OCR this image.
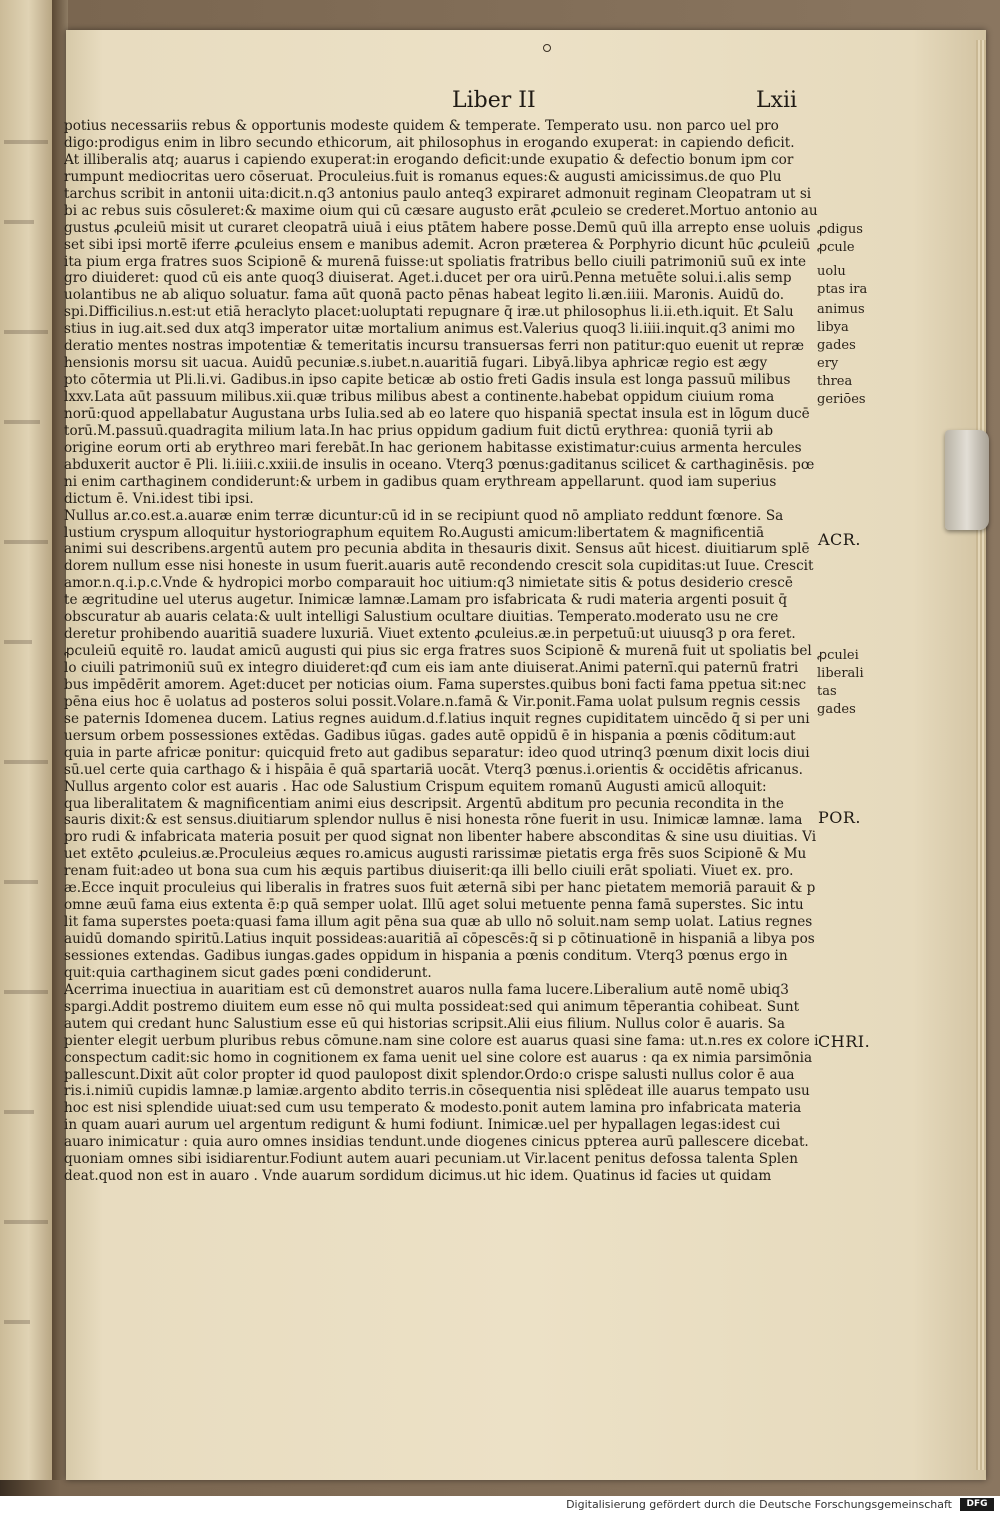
Liber II	Lxii
potius necessariis rebus & opportunis modeste quidem & temperate. Temperato usu. non parco uel pro
digo:prodigus enim in libro secundo ethicorum, ait philosophus in erogando exuperat: in capiendo deficit.
At illiberalis atq; auarus i capiendo exuperat:in erogando deficit:unde exupatio & defectio bonum ipm cor
rumpunt mediocritas uero cōseruat. Proculeius.fuit is romanus eques:& augusti amicissimus.de quo Plu
tarchus scribit in antonii uita:dicit.n.q3 antonius paulo anteq3 expiraret admonuit reginam Cleopatram ut si
bi ac rebus suis cōsuleret:& maxime oium qui cū cæsare augusto erāt ꝓculeio se crederet.Mortuo antonio au
gustus ꝓculeiū misit ut curaret cleopatrā uiuā i eius ptātem habere posse.Demū quū illa arrepto ense uoluis
set sibi ipsi mortē iferre ꝓculeius ensem e manibus ademit. Acron præterea & Porphyrio dicunt hūc ꝓculeiū
ita pium erga fratres suos Scipionē & murenā fuisse:ut spoliatis fratribus bello ciuili patrimoniū suū ex inte
gro diuideret: quod cū eis ante quoq3 diuiserat. Aget.i.ducet per ora uirū.Penna metuēte solui.i.alis semp
uolantibus ne ab aliquo soluatur. fama aūt quonā pacto pēnas habeat legito li.æn.iiii. Maronis. Auidū do.
spi.Difficilius.n.est:ut etiā heraclyto placet:uoluptati repugnare q̄ iræ.ut philosophus li.ii.eth.iquit. Et Salu
stius in iug.ait.sed dux atq3 imperator uitæ mortalium animus est.Valerius quoq3 li.iiii.inquit.q3 animi mo
deratio mentes nostras impotentiæ & temeritatis incursu transuersas ferri non patitur:quo euenit ut repræ
hensionis morsu sit uacua. Auidū pecuniæ.s.iubet.n.auaritiā fugari. Libyā.libya aphricæ regio est ægy
pto cōtermia ut Pli.li.vi. Gadibus.in ipso capite beticæ ab ostio freti Gadis insula est longa passuū milibus
lxxv.Lata aūt passuum milibus.xii.quæ tribus milibus abest a continente.habebat oppidum ciuium roma
norū:quod appellabatur Augustana urbs Iulia.sed ab eo latere quo hispaniā spectat insula est in lōgum ducē
torū.M.passuū.quadragita milium lata.In hac prius oppidum gadium fuit dictū erythrea: quoniā tyrii ab
origine eorum orti ab erythreo mari ferebāt.In hac gerionem habitasse existimatur:cuius armenta hercules
abduxerit auctor ē Pli. li.iiii.c.xxiii.de insulis in oceano. Vterq3 pœnus:gaditanus scilicet & carthaginēsis. pœ
ni enim carthaginem condiderunt:& urbem in gadibus quam erythream appellarunt. quod iam superius
dictum ē. Vni.idest tibi ipsi.
Nullus ar.co.est.a.auaræ enim terræ dicuntur:cū id in se recipiunt quod nō ampliato reddunt fœnore. Sa
lustium cryspum alloquitur hystoriographum equitem Ro.Augusti amicum:libertatem & magnificentiā
animi sui describens.argentū autem pro pecunia abdita in thesauris dixit. Sensus aūt hicest. diuitiarum splē
dorem nullum esse nisi honeste in usum fuerit.auaris autē recondendo crescit sola cupiditas:ut Iuue. Crescit
amor.n.q.i.p.c.Vnde & hydropici morbo comparauit hoc uitium:q3 nimietate sitis & potus desiderio crescē
te ægritudine uel uterus augetur. Inimicæ lamnæ.Lamam pro isfabricata & rudi materia argenti posuit q̄
obscuratur ab auaris celata:& uult intelligi Salustium ocultare diuitias. Temperato.moderato usu ne cre
deretur prohibendo auaritiā suadere luxuriā. Viuet extento ꝓculeius.æ.in perpetuū:ut uiuusq3 p ora feret.
ꝓculeiū equitē ro. laudat amicū augusti qui pius sic erga fratres suos Scipionē & murenā fuit ut spoliatis bel
lo ciuili patrimoniū suū ex integro diuideret:qđ cum eis iam ante diuiserat.Animi paternī.qui paternū fratri
bus impēdērit amorem. Aget:ducet per noticias oium. Fama superstes.quibus boni facti fama ppetua sit:nec
pēna eius hoc ē uolatus ad posteros solui possit.Volare.n.famā & Vir.ponit.Fama uolat pulsum regnis cessis
se paternis Idomenea ducem. Latius regnes auidum.d.f.latius inquit regnes cupiditatem uincēdo q̄ si per uni
uersum orbem possessiones extēdas. Gadibus iūgas. gades autē oppidū ē in hispania a pœnis cōditum:aut
quia in parte africæ ponitur: quicquid freto aut gadibus separatur: ideo quod utrinq3 pœnum dixit locis diui
sū.uel certe quia carthago & i hispāia ē quā spartariā uocāt. Vterq3 pœnus.i.orientis & occidētis africanus.
Nullus argento color est auaris . Hac ode Salustium Crispum equitem romanū Augusti amicū alloquit:
qua liberalitatem & magnificentiam animi eius descripsit. Argentū abditum pro pecunia recondita in the
sauris dixit:& est sensus.diuitiarum splendor nullus ē nisi honesta rōne fuerit in usu. Inimicæ lamnæ. lama
pro rudi & infabricata materia posuit per quod signat non libenter habere absconditas & sine usu diuitias. Vi
uet extēto ꝓculeius.æ.Proculeius æques ro.amicus augusti rarissimæ pietatis erga frēs suos Scipionē & Mu
renam fuit:adeo ut bona sua cum his æquis partibus diuiserit:qa illi bello ciuili erāt spoliati. Viuet ex. pro.
æ.Ecce inquit proculeius qui liberalis in fratres suos fuit æternā sibi per hanc pietatem memoriā parauit & p
omne æuū fama eius extenta ē:p quā semper uolat. Illū aget solui metuente penna famā superstes. Sic intu
lit fama superstes poeta:quasi fama illum agit pēna sua quæ ab ullo nō soluit.nam semp uolat. Latius regnes
auidū domando spiritū.Latius inquit possideas:auaritiā aī cōpescēs:q̄ si p cōtinuationē in hispaniā a libya pos
sessiones extendas. Gadibus iungas.gades oppidum in hispania a pœnis conditum. Vterq3 pœnus ergo in
quit:quia carthaginem sicut gades pœni condiderunt.
Acerrima inuectiua in auaritiam est cū demonstret auaros nulla fama lucere.Liberalium autē nomē ubiq3
spargi.Addit postremo diuitem eum esse nō qui multa possideat:sed qui animum tēperantia cohibeat. Sunt
autem qui credant hunc Salustium esse eū qui historias scripsit.Alii eius filium. Nullus color ē auaris. Sa
pienter elegit uerbum pluribus rebus cōmune.nam sine colore est auarus quasi sine fama: ut.n.res ex colore i
conspectum cadit:sic homo in cognitionem ex fama uenit uel sine colore est auarus : qa ex nimia parsimōnia
pallescunt.Dixit aūt color propter id quod paulopost dixit splendor.Ordo:o crispe salusti nullus color ē aua
ris.i.nimiū cupidis lamnæ.p lamiæ.argento abdito terris.in cōsequentia nisi splēdeat ille auarus tempato usu
hoc est nisi splendide uiuat:sed cum usu temperato & modesto.ponit autem lamina pro infabricata materia
in quam auari aurum uel argentum redigunt & humi fodiunt. Inimicæ.uel per hypallagen legas:idest cui
auaro inimicatur : quia auro omnes insidias tendunt.unde diogenes cinicus ppterea aurū pallescere dicebat.
quoniam omnes sibi isidiarentur.Fodiunt autem auari pecuniam.ut Vir.lacent penitus defossa talenta Splen
deat.quod non est in auaro . Vnde auarum sordidum dicimus.ut hic idem. Quatinus id facies ut quidam
ꝓdigus
ꝓcule
uolu
ptas ira
animus
libya
gades
ery
threa
geriōes
ꝓculei
liberali
tas
gades
ACR.
POR.
CHRI.
Digitalisierung gefördert durch die Deutsche Forschungsgemeinschaft	DFG
